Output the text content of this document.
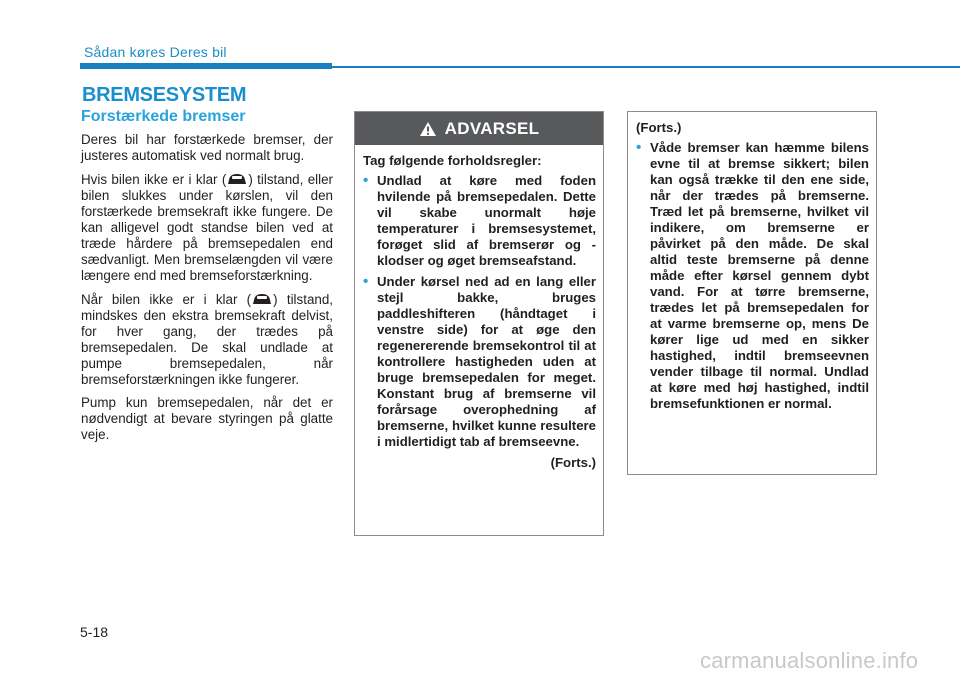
Sådan køres Deres bil
BREMSESYSTEM
Forstærkede bremser

Deres bil har forstærkede bremser, der justeres automatisk ved normalt brug.

Hvis bilen ikke er i klar ( ) tilstand, eller bilen slukkes under kørslen, vil den forstærkede bremsekraft ikke fungere. De kan alligevel godt standse bilen ved at træde hårdere på bremsepedalen end sædvanligt. Men bremselængden vil være længere end med bremseforstærkning.

Når bilen ikke er i klar ( ) tilstand, mindskes den ekstra bremsekraft delvist, for hver gang, der trædes på bremsepedalen. De skal undlade at pumpe bremsepedalen, når bremseforstærkningen ikke fungerer.

Pump kun bremsepedalen, når det er nødvendigt at bevare styringen på glatte veje.

ADVARSEL

Tag følgende forholdsregler:

• Undlad at køre med foden hvilende på bremsepedalen. Dette vil skabe unormalt høje temperaturer i bremsesystemet, forøget slid af bremserør og -klodser og øget bremseafstand.
• Under kørsel ned ad en lang eller stejl bakke, bruges paddleshifteren (håndtaget i venstre side) for at øge den regenererende bremsekontrol til at kontrollere hastigheden uden at bruge bremsepedalen for meget. Konstant brug af bremserne vil forårsage overophedning af bremserne, hvilket kunne resultere i midlertidigt tab af bremseevne.
(Forts.)

(Forts.)

• Våde bremser kan hæmme bilens evne til at bremse sikkert; bilen kan også trække til den ene side, når der trædes på bremserne. Træd let på bremserne, hvilket vil indikere, om bremserne er påvirket på den måde. De skal altid teste bremserne på denne måde efter kørsel gennem dybt vand. For at tørre bremserne, trædes let på bremsepedalen for at varme bremserne op, mens De kører lige ud med en sikker hastighed, indtil bremseevnen vender tilbage til normal. Undlad at køre med høj hastighed, indtil bremsefunktionen er normal.
5-18
carmanualsonline.info
